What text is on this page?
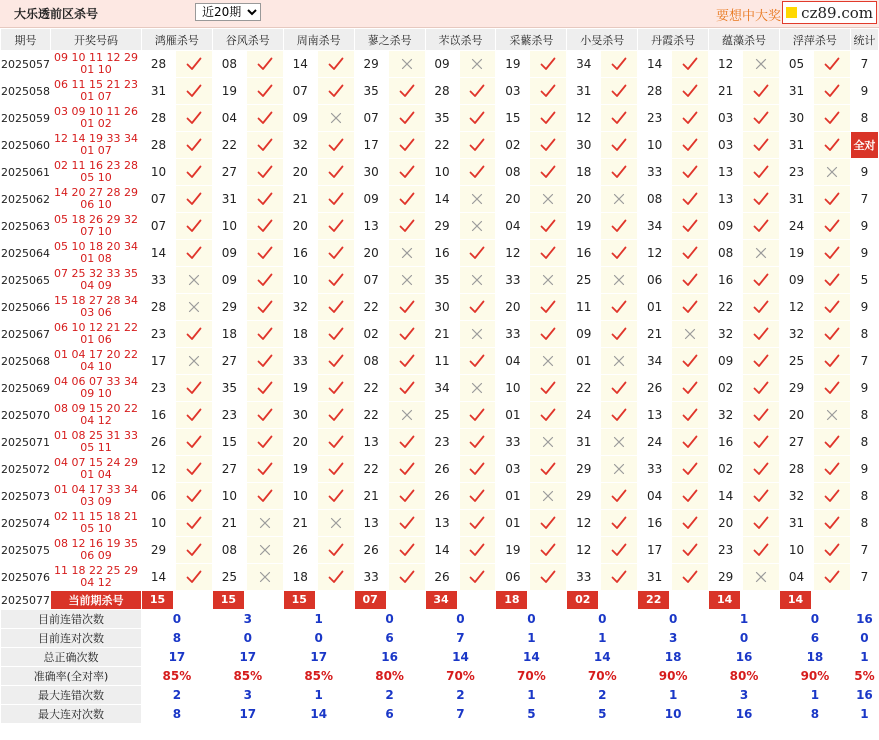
大乐透前区杀号
近20期	要想中大奖 cz89.com
期号	开奖号码	鸿雁杀号		谷风杀号		周南杀号		蓼之杀号		芣苡杀号		采蘩杀号		小旻杀号		丹霞杀号		蕴藻杀号		浮萍杀号		统计
2025057	09 10 11 12 29
01 10	28		08		14		29		09		19		34		14		12		05		7
2025058	06 11 15 21 23
01 07	31		19		07		35		28		03		31		28		21		31		9
2025059	03 09 10 11 26
01 02	28		04		09		07		35		15		12		23		03		30		8
2025060	12 14 19 33 34
01 07	28		22		32		17		22		02		30		10		03		31		全对
2025061	02 11 16 23 28
05 10	10		27		20		30		10		08		18		33		13		23		9
2025062	14 20 27 28 29
06 10	07		31		21		09		14		20		20		08		13		31		7
2025063	05 18 26 29 32
07 10	07		10		20		13		29		04		19		34		09		24		9
2025064	05 10 18 20 34
01 08	14		09		16		20		16		12		16		12		08		19		9
2025065	07 25 32 33 35
04 09	33		09		10		07		35		33		25		06		16		09		5
2025066	15 18 27 28 34
03 06	28		29		32		22		30		20		11		01		22		12		9
2025067	06 10 12 21 22
01 06	23		18		18		02		21		33		09		21		32		32		8
2025068	01 04 17 20 22
04 10	17		27		33		08		11		04		01		34		09		25		7
2025069	04 06 07 33 34
09 10	23		35		19		22		34		10		22		26		02		29		9
2025070	08 09 15 20 22
04 12	16		23		30		22		25		01		24		13		32		20		8
2025071	01 08 25 31 33
05 11	26		15		20		13		23		33		31		24		16		27		8
2025072	04 07 15 24 29
01 04	12		27		19		22		26		03		29		33		02		28		9
2025073	01 04 17 33 34
03 09	06		10		10		21		26		01		29		04		14		32		8
2025074	02 11 15 18 21
05 10	10		21		21		13		13		01		12		16		20		31		8
2025075	08 12 16 19 35
06 09	29		08		26		26		14		19		12		17		23		10		7
2025076	11 18 22 25 29
04 12	14		25		18		33		26		06		33		31		29		04		7
2025077	当前期杀号	15		15		15		07		34		18		02		22		14		14		

目前连错次数		0		3		1		0		0		0		0		0		1		0		16
目前连对次数		8		0		0		6		7		1		1		3		0		6		0
总正确次数		17		17		17		16		14		14		14		18		16		18		1
准确率(全对率)		85%		85%		85%		80%		70%		70%		70%		90%		80%		90%		5%
最大连错次数		2		3		1		2		2		1		2		1		3		1		16
最大连对次数		8		17		14		6		7		5		5		10		16		8		1
